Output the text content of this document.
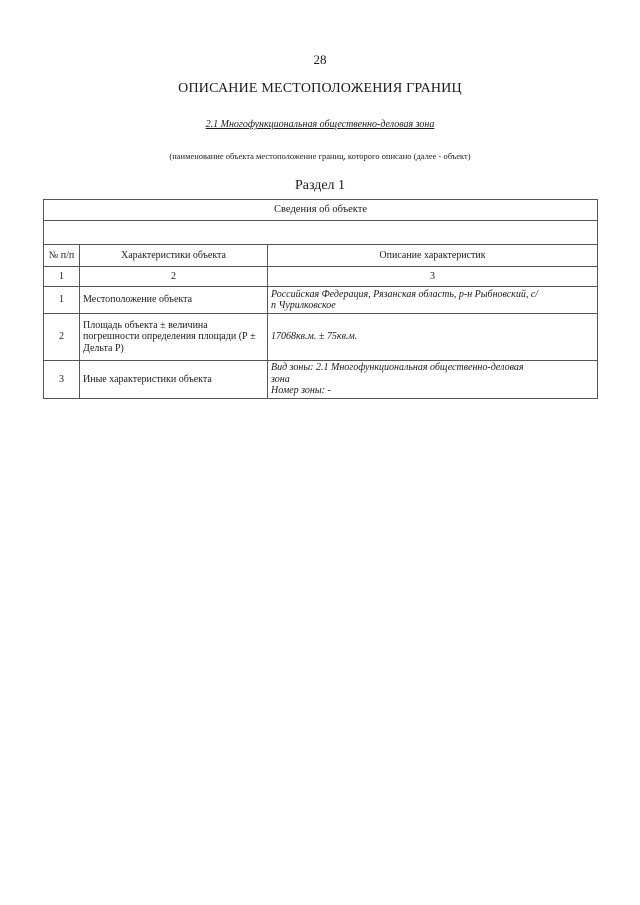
28
ОПИСАНИЕ МЕСТОПОЛОЖЕНИЯ ГРАНИЦ
2.1 Многофункциональная общественно-деловая зона
(наименование объекта местоположение границ, которого описано (далее - объект)
Раздел 1
Сведения об объекте		

№ п/п	Характеристики объекта	Описание характеристик
1	2	3
1	Местоположение объекта	Российская Федерация, Рязанская область, р-н Рыбновский, с/
п Чурилковское

2	Площадь объекта ± величина погрешности определения площади (Р ± Дельта Р)	17068кв.м. ± 75кв.м.

3	Иные характеристики объекта	Вид зоны: 2.1 Многофункциональная общественно-деловая
зона
Номер зоны: -
